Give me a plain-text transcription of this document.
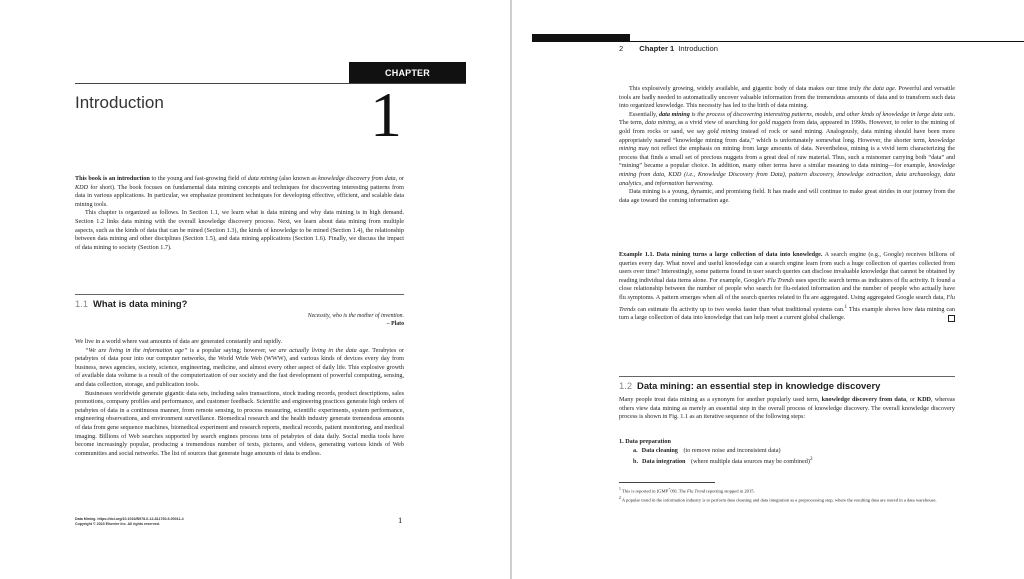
CHAPTER
Introduction	1

This book is an introduction to the young and fast-growing field of data mining (also known as knowledge discovery from data, or KDD for short). The book focuses on fundamental data mining concepts and techniques for discovering interesting patterns from data in various applications. In particular, we emphasize prominent techniques for developing effective, efficient, and scalable data mining tools.

This chapter is organized as follows. In Section 1.1, we learn what is data mining and why data mining is in high demand. Section 1.2 links data mining with the overall knowledge discovery process. Next, we learn about data mining from multiple aspects, such as the kinds of data that can be mined (Section 1.3), the kinds of knowledge to be mined (Section 1.4), the relationship between data mining and other disciplines (Section 1.5), and data mining applications (Section 1.6). Finally, we discuss the impact of data mining to society (Section 1.7).

1.1 What is data mining?
Necessity, who is the mother of invention.
– Plato

We live in a world where vast amounts of data are generated constantly and rapidly.

“We are living in the information age” is a popular saying; however, we are actually living in the data age. Terabytes or petabytes of data pour into our computer networks, the World Wide Web (WWW), and various kinds of devices every day from business, news agencies, society, science, engineering, medicine, and almost every other aspect of daily life. This explosive growth of available data volume is a result of the computerization of our society and the fast development of powerful computing, sensing, and data collection, storage, and publication tools.

Businesses worldwide generate gigantic data sets, including sales transactions, stock trading records, product descriptions, sales promotions, company profiles and performance, and customer feedback. Scientific and engineering practices generate high orders of petabytes of data in a continuous manner, from remote sensing, to process measuring, scientific experiments, system performance, engineering observations, and environment surveillance. Biomedical research and the health industry generate tremendous amounts of data from gene sequence machines, biomedical experiment and research reports, medical records, patient monitoring, and medical imaging. Billions of Web searches supported by search engines process tens of petabytes of data daily. Social media tools have become increasingly popular, producing a tremendous number of texts, pictures, and videos, generating various kinds of Web communities and social networks. The list of sources that generate huge amounts of data is endless.

Data Mining. https://doi.org/10.1016/B978-0-12-811760-6.00011-4
Copyright © 2023 Elsevier Inc. All rights reserved.	1
2 Chapter 1 Introduction

This explosively growing, widely available, and gigantic body of data makes our time truly the data age. Powerful and versatile tools are badly needed to automatically uncover valuable information from the tremendous amounts of data and to transform such data into organized knowledge. This necessity has led to the birth of data mining.

Essentially, data mining is the process of discovering interesting patterns, models, and other kinds of knowledge in large data sets. The term, data mining, as a vivid view of searching for gold nuggets from data, appeared in 1990s. However, to refer to the mining of gold from rocks or sand, we say gold mining instead of rock or sand mining. Analogously, data mining should have been more appropriately named “knowledge mining from data,” which is unfortunately somewhat long. However, the shorter term, knowledge mining may not reflect the emphasis on mining from large amounts of data. Nevertheless, mining is a vivid term characterizing the process that finds a small set of precious nuggets from a great deal of raw material. Thus, such a misnomer carrying both “data” and “mining” became a popular choice. In addition, many other terms have a similar meaning to data mining—for example, knowledge mining from data, KDD (i.e., Knowledge Discovery from Data), pattern discovery, knowledge extraction, data archaeology, data analytics, and information harvesting.

Data mining is a young, dynamic, and promising field. It has made and will continue to make great strides in our journey from the data age toward the coming information age.

Example 1.1. Data mining turns a large collection of data into knowledge. A search engine (e.g., Google) receives billions of queries every day. What novel and useful knowledge can a search engine learn from such a huge collection of queries collected from users over time? Interestingly, some patterns found in user search queries can disclose invaluable knowledge that cannot be obtained by reading individual data items alone. For example, Google's Flu Trends uses specific search terms as indicators of flu activity. It found a close relationship between the number of people who search for flu-related information and the number of people who actually have flu symptoms. A pattern emerges when all of the search queries related to flu are aggregated. Using aggregated Google search data, Flu Trends can estimate flu activity up to two weeks faster than what traditional systems can.$^1$ This example shows how data mining can turn a large collection of data into knowledge that can help meet a current global challenge.

1.2 Data mining: an essential step in knowledge discovery

Many people treat data mining as a synonym for another popularly used term, knowledge discovery from data, or KDD, whereas others view data mining as merely an essential step in the overall process of knowledge discovery. The overall knowledge discovery process is shown in Fig. 1.1 as an iterative sequence of the following steps:

1. Data preparation
a. Data cleaning (to remove noise and inconsistent data)
b. Data integration (where multiple data sources may be combined)$^2$

$^1$ This is reported in [GMP+09]. The Flu Trend reporting stopped in 2015.

$^2$ A popular trend in the information industry is to perform data cleaning and data integration as a preprocessing step, where the resulting data are stored in a data warehouse.
